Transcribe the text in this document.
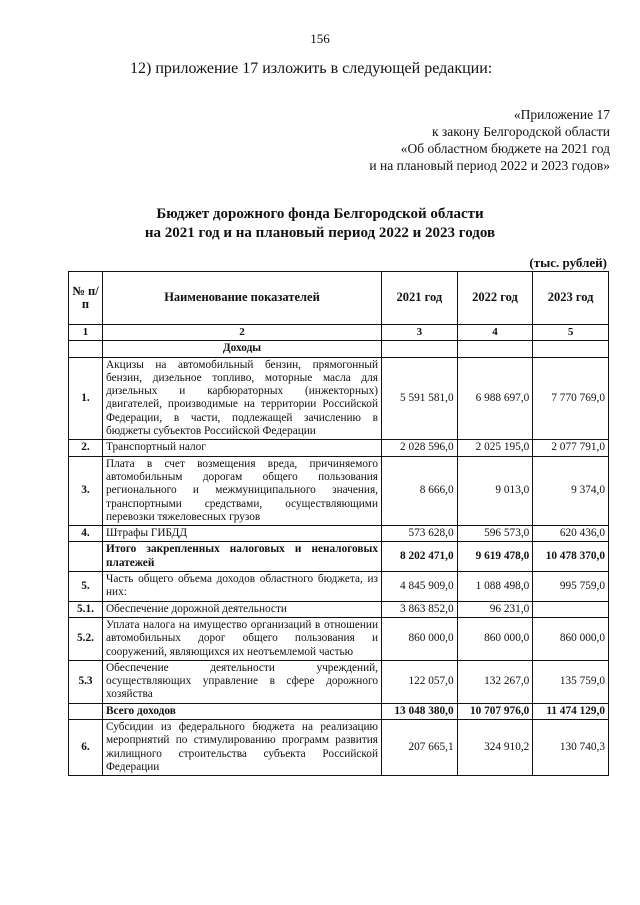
156
12) приложение 17 изложить в следующей редакции:
«Приложение 17
к закону Белгородской области
«Об областном бюджете на 2021 год
и на плановый период 2022 и 2023 годов»
Бюджет дорожного фонда Белгородской области
на 2021 год и на плановый период 2022 и 2023 годов
(тыс. рублей)
№ п/п	Наименование показателей	2021 год	2022 год	2023 год
1	2	3	4	5
	Доходы			
1.	Акцизы на автомобильный бензин, прямогонный бензин, дизельное топливо, моторные масла для дизельных и карбюраторных (инжекторных) двигателей, производимые на территории Российской Федерации, в части, подлежащей зачислению в бюджеты субъектов Российской Федерации	5 591 581,0	6 988 697,0	7 770 769,0
2.	Транспортный налог	2 028 596,0	2 025 195,0	2 077 791,0
3.	Плата в счет возмещения вреда, причиняемого автомобильным дорогам общего пользования регионального и межмуниципального значения, транспортными средствами, осуществляющими перевозки тяжеловесных грузов	8 666,0	9 013,0	9 374,0
4.	Штрафы ГИБДД	573 628,0	596 573,0	620 436,0
	Итого закрепленных налоговых и неналоговых платежей	8 202 471,0	9 619 478,0	10 478 370,0
5.	Часть общего объема доходов областного бюджета, из них:	4 845 909,0	1 088 498,0	995 759,0
5.1.	Обеспечение дорожной деятельности	3 863 852,0	96 231,0	
5.2.	Уплата налога на имущество организаций в отношении автомобильных дорог общего пользования и сооружений, являющихся их неотъемлемой частью	860 000,0	860 000,0	860 000,0
5.3	Обеспечение деятельности учреждений, осуществляющих управление в сфере дорожного хозяйства	122 057,0	132 267,0	135 759,0
	Всего доходов	13 048 380,0	10 707 976,0	11 474 129,0
6.	Субсидии из федерального бюджета на реализацию мероприятий по стимулированию программ развития жилищного строительства субъекта Российской Федерации	207 665,1	324 910,2	130 740,3
